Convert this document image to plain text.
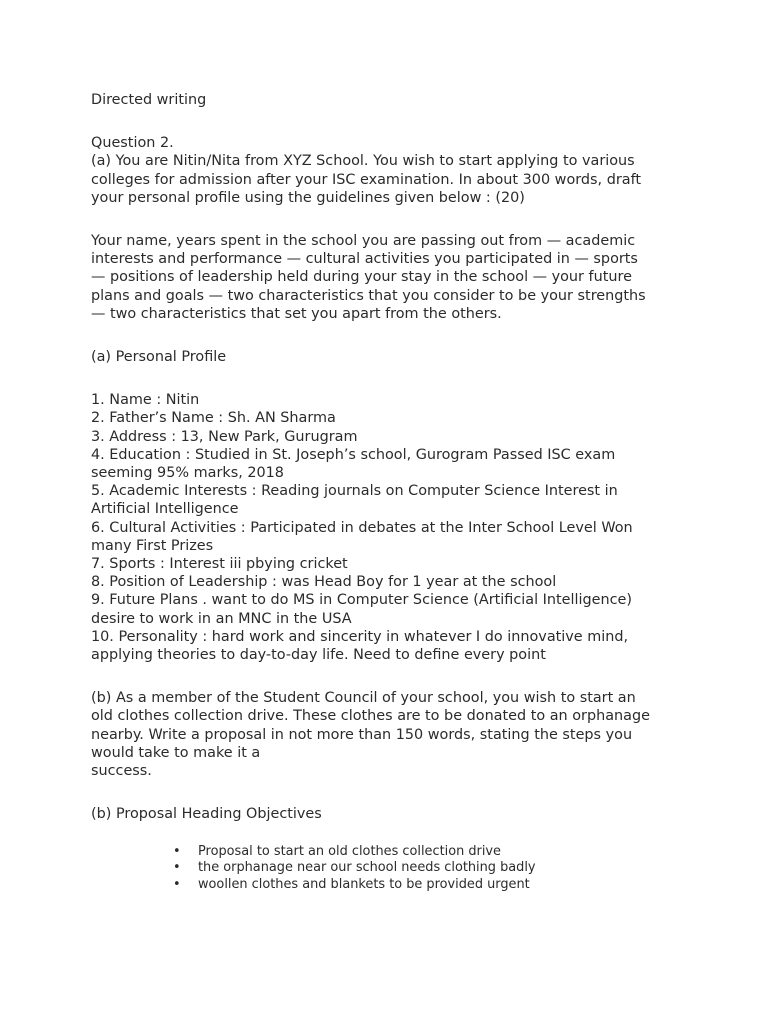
Directed writing

Question 2.
(a) You are Nitin/Nita from XYZ School. You wish to start applying to various
colleges for admission after your ISC examination. In about 300 words, draft
your personal profile using the guidelines given below : (20)

Your name, years spent in the school you are passing out from — academic
interests and performance — cultural activities you participated in — sports
— positions of leadership held during your stay in the school — your future
plans and goals — two characteristics that you consider to be your strengths
— two characteristics that set you apart from the others.

(a) Personal Profile

1. Name : Nitin
2. Father’s Name : Sh. AN Sharma
3. Address : 13, New Park, Gurugram
4. Education : Studied in St. Joseph’s school, Gurogram Passed ISC exam
seeming 95% marks, 2018
5. Academic Interests : Reading journals on Computer Science Interest in
Artificial Intelligence
6. Cultural Activities : Participated in debates at the Inter School Level Won
many First Prizes
7. Sports : Interest iii pbying cricket
8. Position of Leadership : was Head Boy for 1 year at the school
9. Future Plans . want to do MS in Computer Science (Artificial Intelligence)
desire to work in an MNC in the USA
10. Personality : hard work and sincerity in whatever I do innovative mind,
applying theories to day-to-day life. Need to define every point

(b) As a member of the Student Council of your school, you wish to start an
old clothes collection drive. These clothes are to be donated to an orphanage
nearby. Write a proposal in not more than 150 words, stating the steps you
would take to make it a
success.

(b) Proposal Heading Objectives

• Proposal to start an old clothes collection drive
• the orphanage near our school needs clothing badly
• woollen clothes and blankets to be provided urgent
